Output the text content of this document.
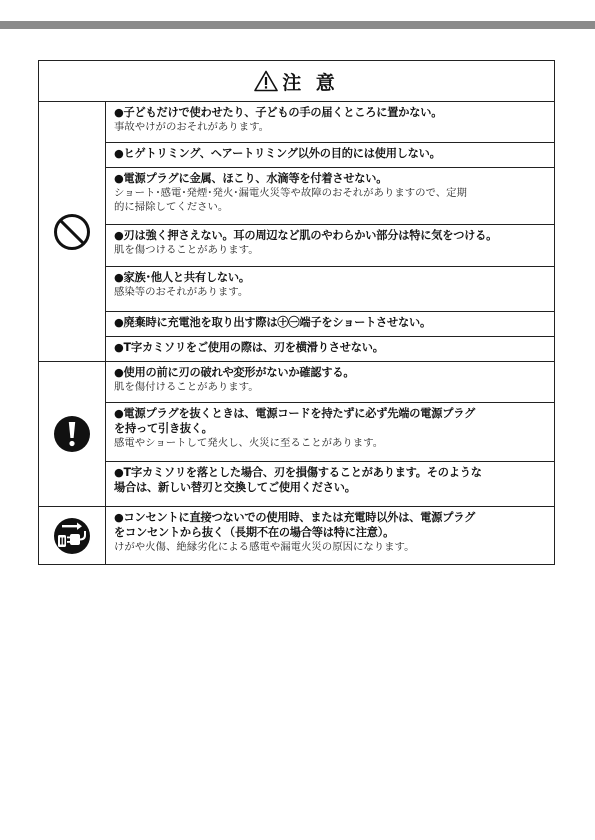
注 意
●子どもだけで使わせたり、子どもの手の届くところに置かない。
事故やけがのおそれがあります。
●ヒゲトリミング、ヘアートリミング以外の目的には使用しない。
●電源プラグに金属、ほこり、水滴等を付着させない。
ショート･感電･発煙･発火･漏電火災等や故障のおそれがありますので、定期
的に掃除してください。
●刃は強く押さえない。耳の周辺など肌のやわらかい部分は特に気をつける。
肌を傷つけることがあります。
●家族･他人と共有しない。
感染等のおそれがあります。
●廃棄時に充電池を取り出す際は㊉㊀端子をショートさせない。
●T字カミソリをご使用の際は、刃を横滑りさせない。
●使用の前に刃の破れや変形がないか確認する。
肌を傷付けることがあります。
●電源プラグを抜くときは、電源コードを持たずに必ず先端の電源プラグ
を持って引き抜く。
感電やショートして発火し、火災に至ることがあります。
●T字カミソリを落とした場合、刃を損傷することがあります。そのような
場合は、新しい替刃と交換してご使用ください。
●コンセントに直接つないでの使用時、または充電時以外は、電源プラグ
をコンセントから抜く（長期不在の場合等は特に注意）。
けがや火傷、絶縁劣化による感電や漏電火災の原因になります。
